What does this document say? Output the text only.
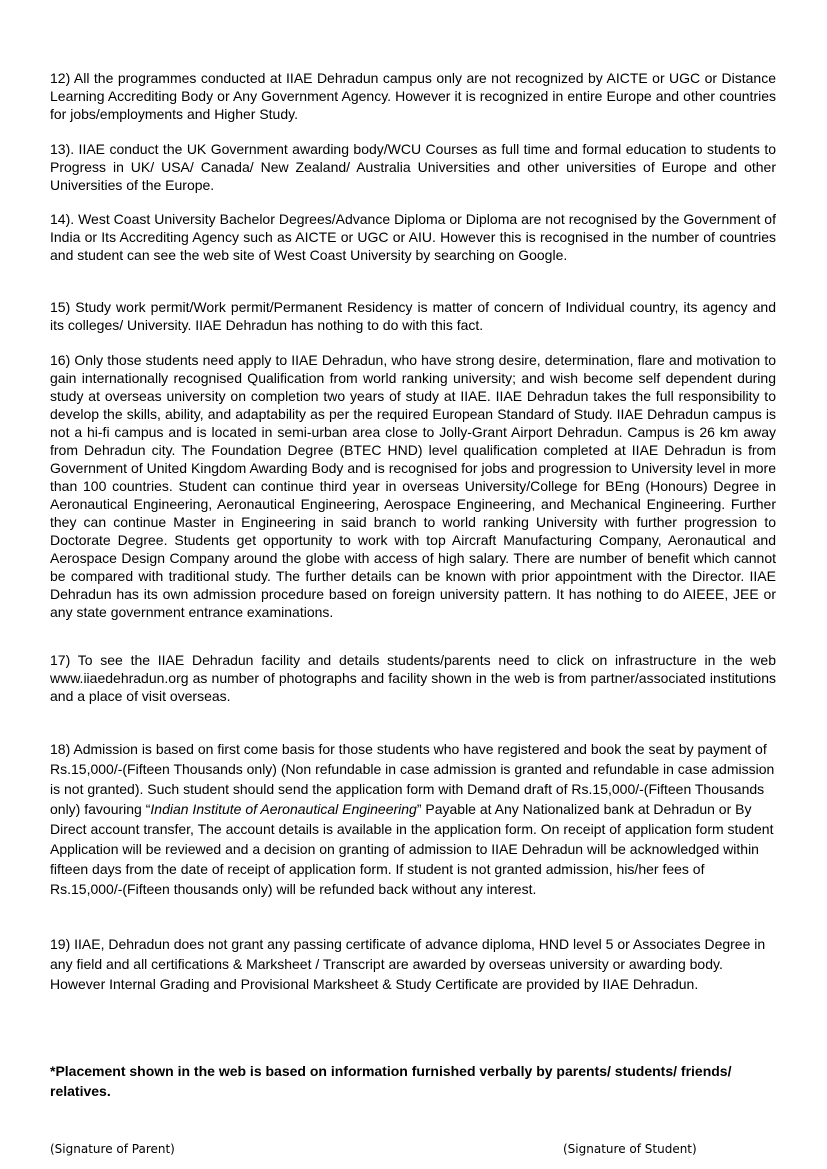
12) All the programmes conducted at IIAE Dehradun campus only are not recognized by AICTE or UGC or Distance Learning Accrediting Body or Any Government Agency. However it is recognized in entire Europe and other countries for jobs/employments and Higher Study.

13). IIAE conduct the UK Government awarding body/WCU Courses as full time and formal education to students to Progress in UK/ USA/ Canada/ New Zealand/ Australia Universities and other universities of Europe and other Universities of the Europe.

14). West Coast University Bachelor Degrees/Advance Diploma or Diploma are not recognised by the Government of India or Its Accrediting Agency such as AICTE or UGC or AIU. However this is recognised in the number of countries and student can see the web site of West Coast University by searching on Google.

15) Study work permit/Work permit/Permanent Residency is matter of concern of Individual country, its agency and its colleges/ University. IIAE Dehradun has nothing to do with this fact.

16) Only those students need apply to IIAE Dehradun, who have strong desire, determination, flare and motivation to gain internationally recognised Qualification from world ranking university; and wish become self dependent during study at overseas university on completion two years of study at IIAE. IIAE Dehradun takes the full responsibility to develop the skills, ability, and adaptability as per the required European Standard of Study. IIAE Dehradun campus is not a hi-fi campus and is located in semi-urban area close to Jolly-Grant Airport Dehradun. Campus is 26 km away from Dehradun city. The Foundation Degree (BTEC HND) level qualification completed at IIAE Dehradun is from Government of United Kingdom Awarding Body and is recognised for jobs and progression to University level in more than 100 countries. Student can continue third year in overseas University/College for BEng (Honours) Degree in Aeronautical Engineering, Aeronautical Engineering, Aerospace Engineering, and Mechanical Engineering. Further they can continue Master in Engineering in said branch to world ranking University with further progression to Doctorate Degree. Students get opportunity to work with top Aircraft Manufacturing Company, Aeronautical and Aerospace Design Company around the globe with access of high salary. There are number of benefit which cannot be compared with traditional study. The further details can be known with prior appointment with the Director. IIAE Dehradun has its own admission procedure based on foreign university pattern. It has nothing to do AIEEE, JEE or any state government entrance examinations.

17) To see the IIAE Dehradun facility and details students/parents need to click on infrastructure in the web www.iiaedehradun.org as number of photographs and facility shown in the web is from partner/associated institutions and a place of visit overseas.

18) Admission is based on first come basis for those students who have registered and book the seat by payment of Rs.15,000/-(Fifteen Thousands only) (Non refundable in case admission is granted and refundable in case admission is not granted). Such student should send the application form with Demand draft of Rs.15,000/-(Fifteen Thousands only) favouring “Indian Institute of Aeronautical Engineering” Payable at Any Nationalized bank at Dehradun or By Direct account transfer, The account details is available in the application form. On receipt of application form student Application will be reviewed and a decision on granting of admission to IIAE Dehradun will be acknowledged within fifteen days from the date of receipt of application form. If student is not granted admission, his/her fees of Rs.15,000/-(Fifteen thousands only) will be refunded back without any interest.

19) IIAE, Dehradun does not grant any passing certificate of advance diploma, HND level 5 or Associates Degree in any field and all certifications & Marksheet / Transcript are awarded by overseas university or awarding body. However Internal Grading and Provisional Marksheet & Study Certificate are provided by IIAE Dehradun.

*Placement shown in the web is based on information furnished verbally by parents/ students/ friends/ relatives.

(Signature of Parent)	(Signature of Student)
